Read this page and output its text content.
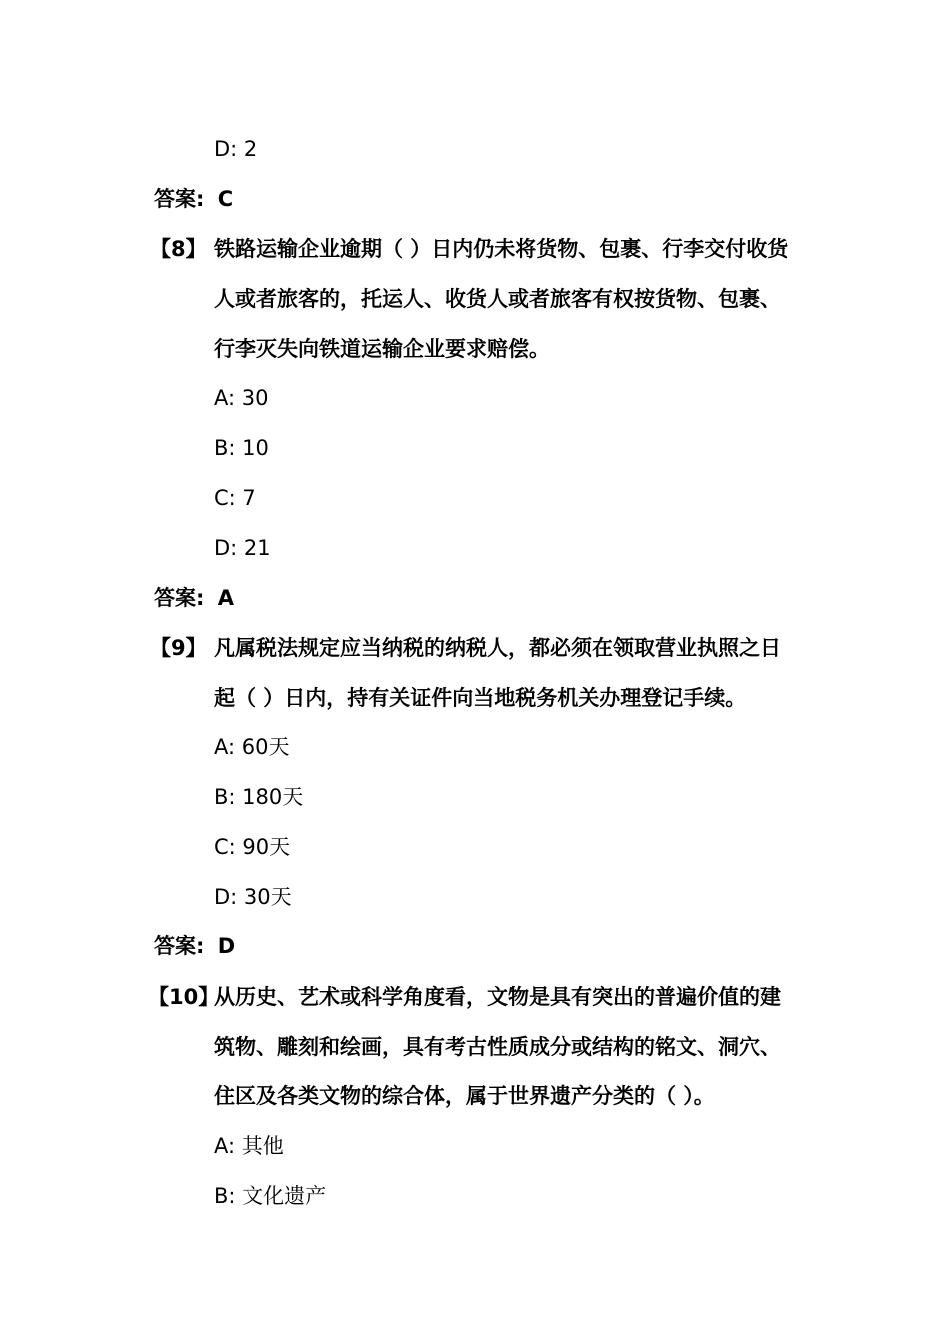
D: 2
答案: C
【8】 铁路运输企业逾期（ ）日内仍未将货物、包裹、行李交付收货
人或者旅客的，托运人、收货人或者旅客有权按货物、包裹、
行李灭失向铁道运输企业要求赔偿。
A: 30
B: 10
C: 7
D: 21
答案: A
【9】 凡属税法规定应当纳税的纳税人，都必须在领取营业执照之日
起（ ）日内，持有关证件向当地税务机关办理登记手续。
A: 60天
B: 180天
C: 90天
D: 30天
答案: D
【10】
从历史、艺术或科学角度看，文物是具有突出的普遍价值的建
筑物、雕刻和绘画，具有考古性质成分或结构的铭文、洞穴、
住区及各类文物的综合体，属于世界遗产分类的（ ）。
A: 其他
B: 文化遗产
